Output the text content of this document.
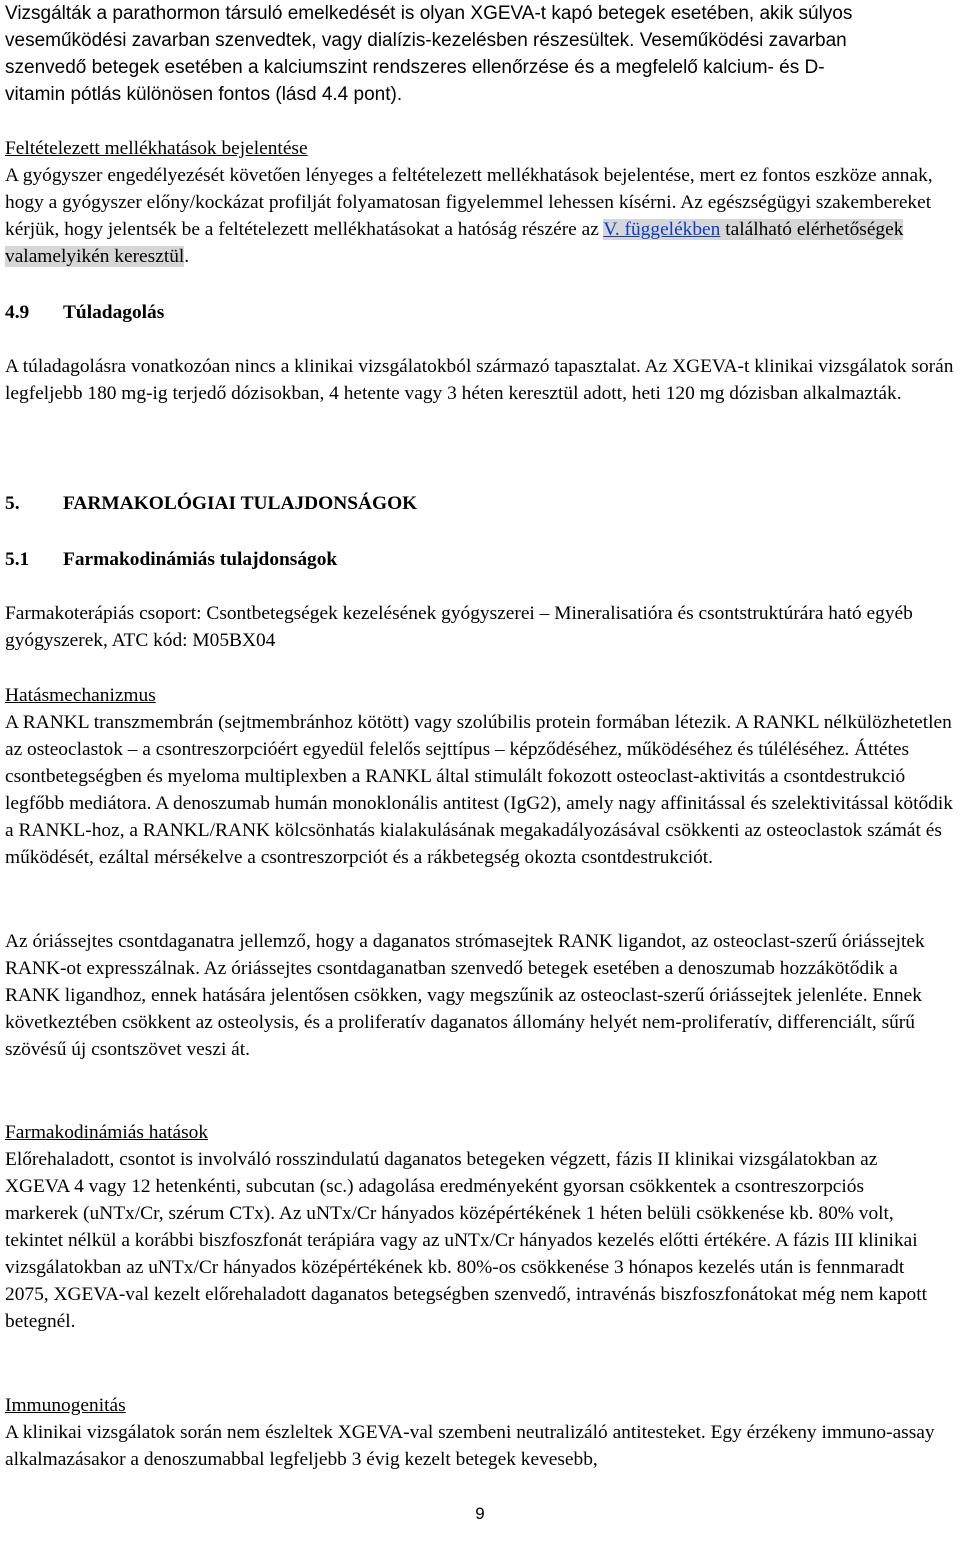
Vizsgálták a parathormon társuló emelkedését is olyan XGEVA-t kapó betegek esetében, akik súlyos
veseműködési zavarban szenvedtek, vagy dialízis-kezelésben részesültek. Veseműködési zavarban
szenvedő betegek esetében a kalciumszint rendszeres ellenőrzése és a megfelelő kalcium- és D-
vitamin pótlás különösen fontos (lásd 4.4 pont).

Feltételezett mellékhatások bejelentése

A gyógyszer engedélyezését követően lényeges a feltételezett mellékhatások bejelentése, mert ez fontos eszköze annak, hogy a gyógyszer előny/kockázat profilját folyamatosan figyelemmel lehessen kísérni. Az egészségügyi szakembereket kérjük, hogy jelentsék be a feltételezett mellékhatásokat a hatóság részére az V. függelékben található elérhetőségek valamelyikén keresztül.

4.9 Túladagolás

A túladagolásra vonatkozóan nincs a klinikai vizsgálatokból származó tapasztalat. Az XGEVA-t klinikai vizsgálatok során legfeljebb 180 mg-ig terjedő dózisokban, 4 hetente vagy 3 héten keresztül adott, heti 120 mg dózisban alkalmazták.

5. FARMAKOLÓGIAI TULAJDONSÁGOK

5.1 Farmakodinámiás tulajdonságok

Farmakoterápiás csoport: Csontbetegségek kezelésének gyógyszerei – Mineralisatióra és csontstruktúrára ható egyéb gyógyszerek, ATC kód: M05BX04

Hatásmechanizmus

A RANKL transzmembrán (sejtmembránhoz kötött) vagy szolúbilis protein formában létezik. A RANKL nélkülözhetetlen az osteoclastok – a csontreszorpcióért egyedül felelős sejttípus – képződéséhez, működéséhez és túléléséhez. Áttétes csontbetegségben és myeloma multiplexben a RANKL által stimulált fokozott osteoclast-aktivitás a csontdestrukció legfőbb mediátora. A denoszumab humán monoklonális antitest (IgG2), amely nagy affinitással és szelektivitással kötődik a RANKL-hoz, a RANKL/RANK kölcsönhatás kialakulásának megakadályozásával csökkenti az osteoclastok számát és működését, ezáltal mérsékelve a csontreszorpciót és a rákbetegség okozta csontdestrukciót.

Az óriássejtes csontdaganatra jellemző, hogy a daganatos strómasejtek RANK ligandot, az osteoclast-szerű óriássejtek RANK-ot expresszálnak. Az óriássejtes csontdaganatban szenvedő betegek esetében a denoszumab hozzákötődik a RANK ligandhoz, ennek hatására jelentősen csökken, vagy megszűnik az osteoclast-szerű óriássejtek jelenléte. Ennek következtében csökkent az osteolysis, és a proliferatív daganatos állomány helyét nem-proliferatív, differenciált, sűrű szövésű új csontszövet veszi át.

Farmakodinámiás hatások

Előrehaladott, csontot is involváló rosszindulatú daganatos betegeken végzett, fázis II klinikai vizsgálatokban az XGEVA 4 vagy 12 hetenkénti, subcutan (sc.) adagolása eredményeként gyorsan csökkentek a csontreszorpciós markerek (uNTx/Cr, szérum CTx). Az uNTx/Cr hányados középértékének 1 héten belüli csökkenése kb. 80% volt, tekintet nélkül a korábbi biszfoszfonát terápiára vagy az uNTx/Cr hányados kezelés előtti értékére. A fázis III klinikai vizsgálatokban az uNTx/Cr hányados középértékének kb. 80%-os csökkenése 3 hónapos kezelés után is fennmaradt 2075, XGEVA-val kezelt előrehaladott daganatos betegségben szenvedő, intravénás biszfoszfonátokat még nem kapott betegnél.

Immunogenitás

A klinikai vizsgálatok során nem észleltek XGEVA-val szembeni neutralizáló antitesteket. Egy érzékeny immuno-assay alkalmazásakor a denoszumabbal legfeljebb 3 évig kezelt betegek kevesebb,

9
